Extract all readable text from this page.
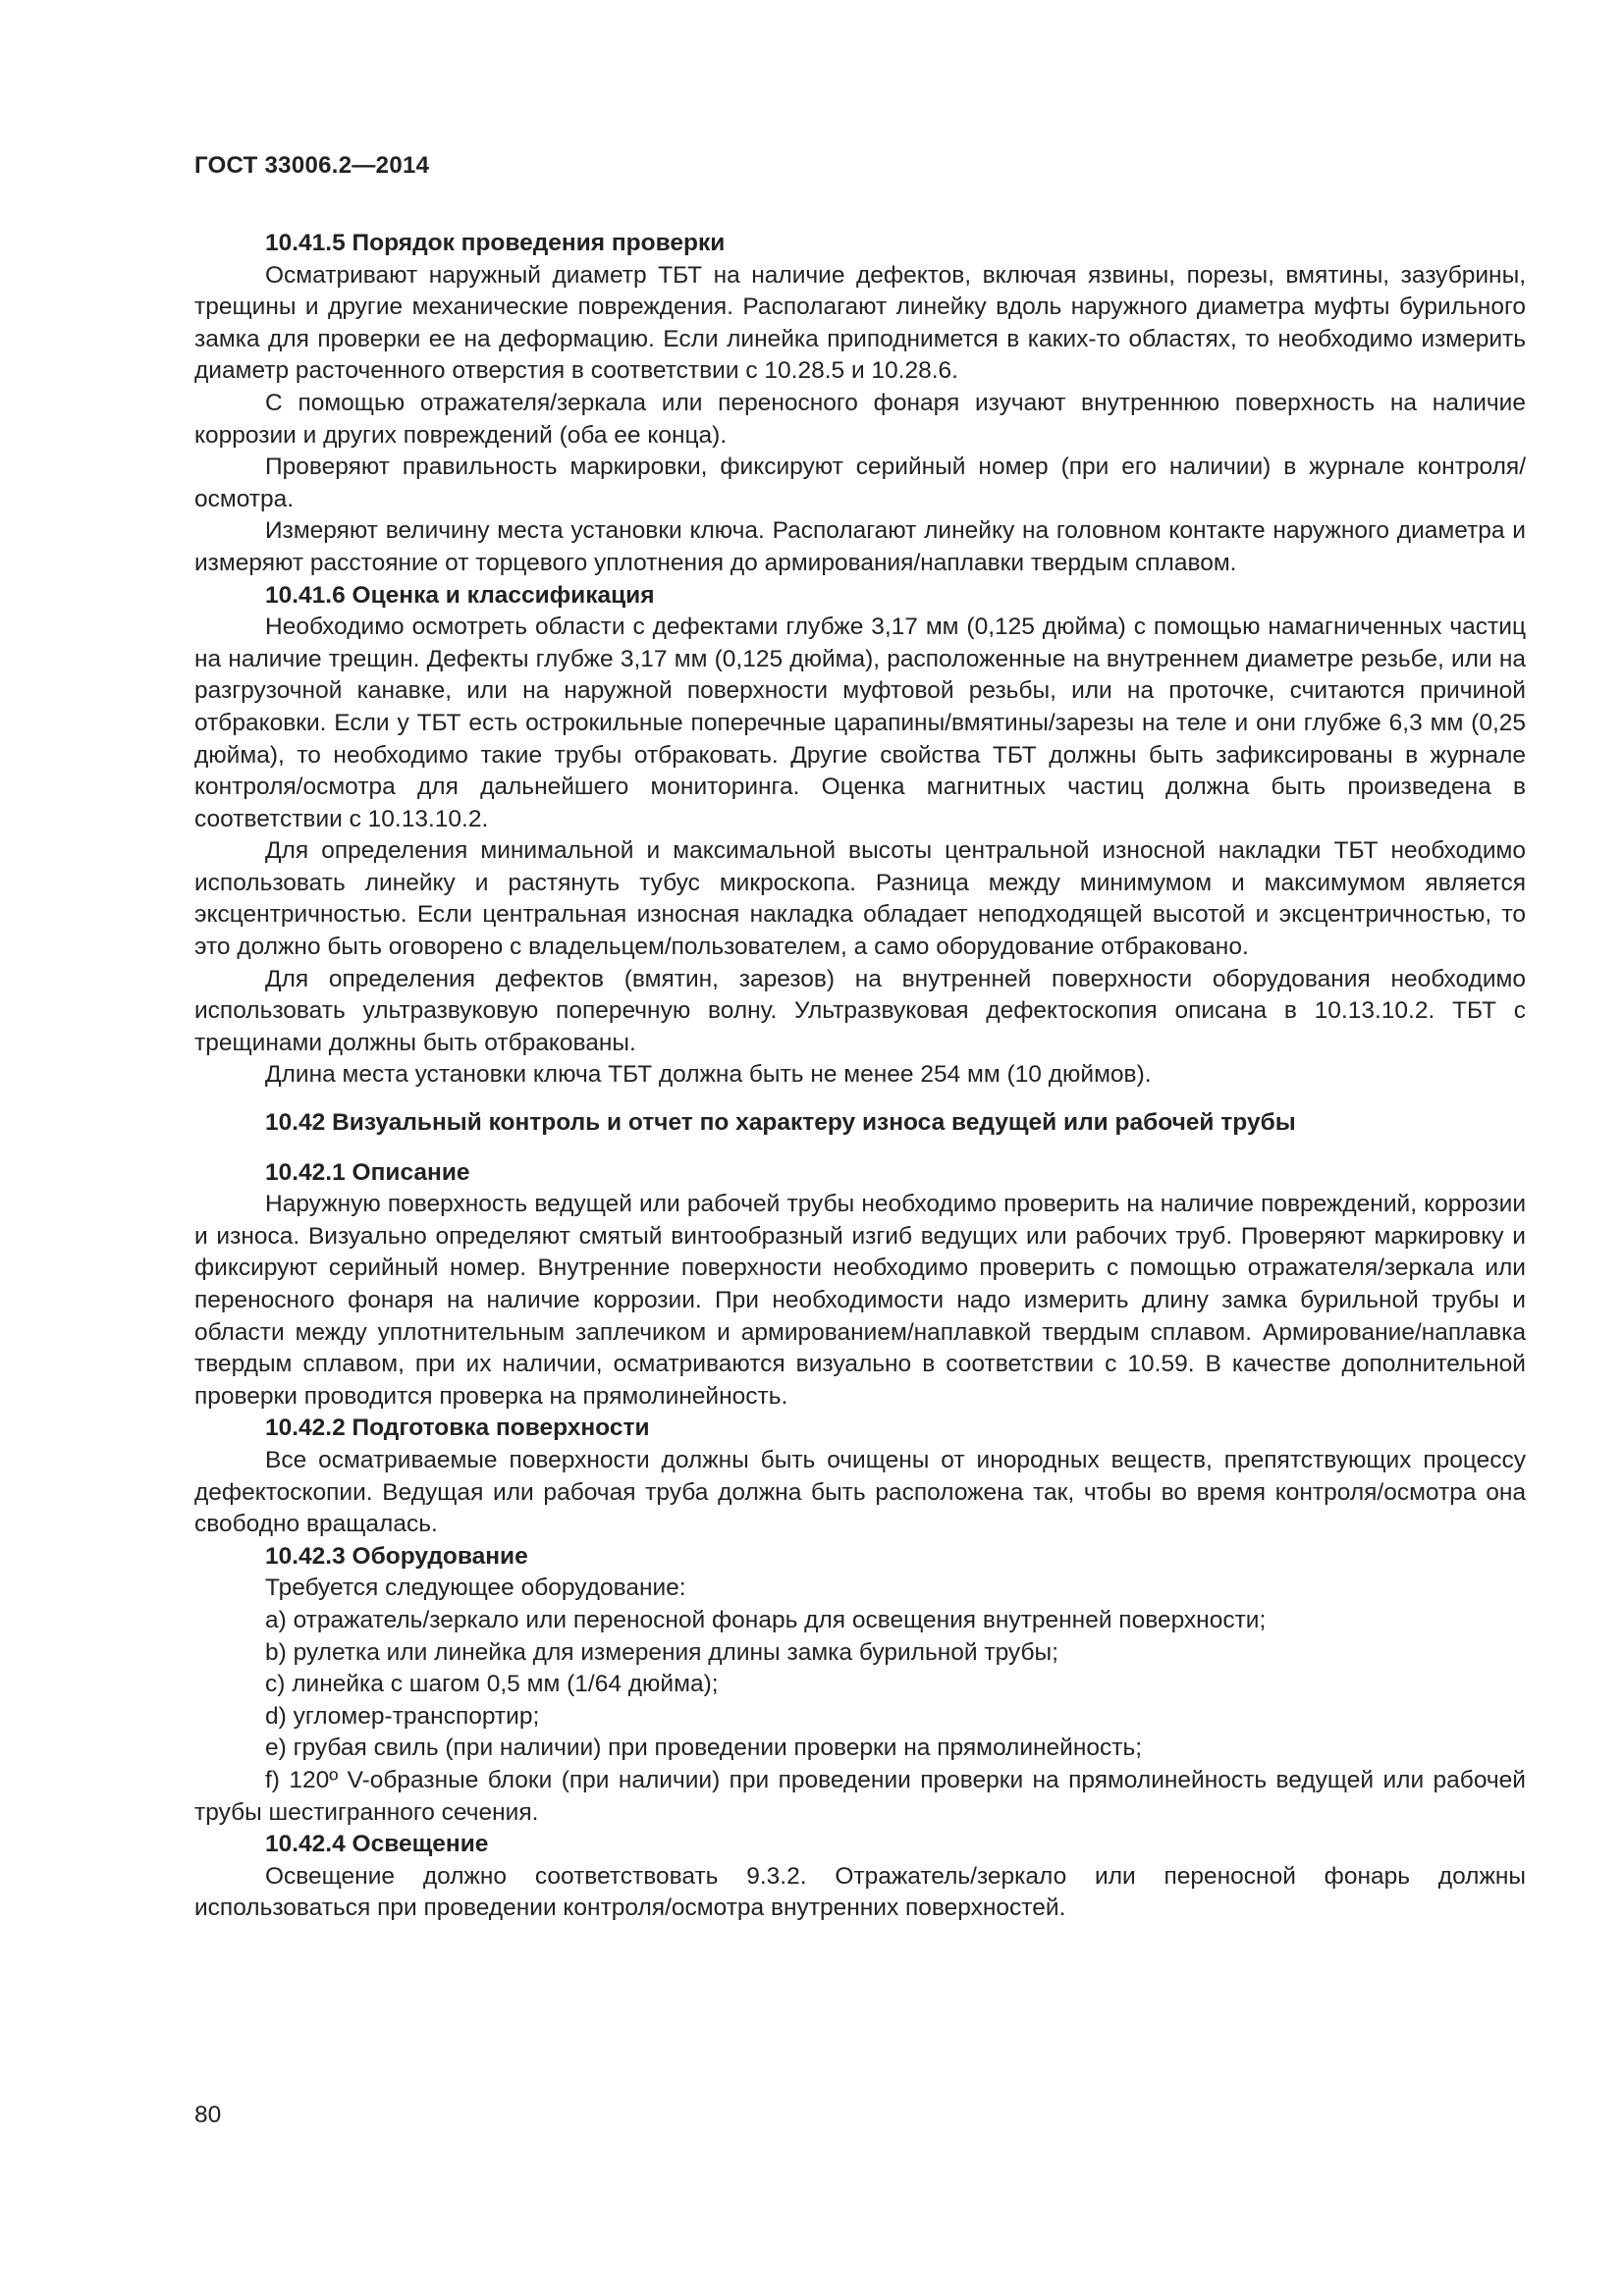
ГОСТ 33006.2—2014

10.41.5 Порядок проведения проверки

Осматривают наружный диаметр ТБТ на наличие дефектов, включая язвины, порезы, вмятины, зазубрины, трещины и другие механические повреждения. Располагают линейку вдоль наружного диаметра муфты бурильного замка для проверки ее на деформацию. Если линейка приподнимется в каких-то областях, то необходимо измерить диаметр расточенного отверстия в соответствии с 10.28.5 и 10.28.6.

С помощью отражателя/зеркала или переносного фонаря изучают внутреннюю поверхность на наличие коррозии и других повреждений (оба ее конца).

Проверяют правильность маркировки, фиксируют серийный номер (при его наличии) в журнале контроля/осмотра.

Измеряют величину места установки ключа. Располагают линейку на головном контакте наружного диаметра и измеряют расстояние от торцевого уплотнения до армирования/наплавки твердым сплавом.

10.41.6 Оценка и классификация

Необходимо осмотреть области с дефектами глубже 3,17 мм (0,125 дюйма) с помощью намагниченных частиц на наличие трещин. Дефекты глубже 3,17 мм (0,125 дюйма), расположенные на внутреннем диаметре резьбе, или на разгрузочной канавке, или на наружной поверхности муфтовой резьбы, или на проточке, считаются причиной отбраковки. Если у ТБТ есть острокильные поперечные царапины/вмятины/зарезы на теле и они глубже 6,3 мм (0,25 дюйма), то необходимо такие трубы отбраковать. Другие свойства ТБТ должны быть зафиксированы в журнале контроля/осмотра для дальнейшего мониторинга. Оценка магнитных частиц должна быть произведена в соответствии с 10.13.10.2.

Для определения минимальной и максимальной высоты центральной износной накладки ТБТ необходимо использовать линейку и растянуть тубус микроскопа. Разница между минимумом и максимумом является эксцентричностью. Если центральная износная накладка обладает неподходящей высотой и эксцентричностью, то это должно быть оговорено с владельцем/пользователем, а само оборудование отбраковано.

Для определения дефектов (вмятин, зарезов) на внутренней поверхности оборудования необходимо использовать ультразвуковую поперечную волну. Ультразвуковая дефектоскопия описана в 10.13.10.2. ТБТ с трещинами должны быть отбракованы.

Длина места установки ключа ТБТ должна быть не менее 254 мм (10 дюймов).

10.42 Визуальный контроль и отчет по характеру износа ведущей или рабочей трубы

10.42.1 Описание

Наружную поверхность ведущей или рабочей трубы необходимо проверить на наличие повреждений, коррозии и износа. Визуально определяют смятый винтообразный изгиб ведущих или рабочих труб. Проверяют маркировку и фиксируют серийный номер. Внутренние поверхности необходимо проверить с помощью отражателя/зеркала или переносного фонаря на наличие коррозии. При необходимости надо измерить длину замка бурильной трубы и области между уплотнительным заплечиком и армированием/наплавкой твердым сплавом. Армирование/наплавка твердым сплавом, при их наличии, осматриваются визуально в соответствии с 10.59. В качестве дополнительной проверки проводится проверка на прямолинейность.

10.42.2 Подготовка поверхности

Все осматриваемые поверхности должны быть очищены от инородных веществ, препятствующих процессу дефектоскопии. Ведущая или рабочая труба должна быть расположена так, чтобы во время контроля/осмотра она свободно вращалась.

10.42.3 Оборудование

Требуется следующее оборудование:

a) отражатель/зеркало или переносной фонарь для освещения внутренней поверхности;

b) рулетка или линейка для измерения длины замка бурильной трубы;

c) линейка с шагом 0,5 мм (1/64 дюйма);

d) угломер-транспортир;

e) грубая свиль (при наличии) при проведении проверки на прямолинейность;

f) 120º V-образные блоки (при наличии) при проведении проверки на прямолинейность ведущей или рабочей трубы шестигранного сечения.

10.42.4 Освещение

Освещение должно соответствовать 9.3.2. Отражатель/зеркало или переносной фонарь должны использоваться при проведении контроля/осмотра внутренних поверхностей.

80
